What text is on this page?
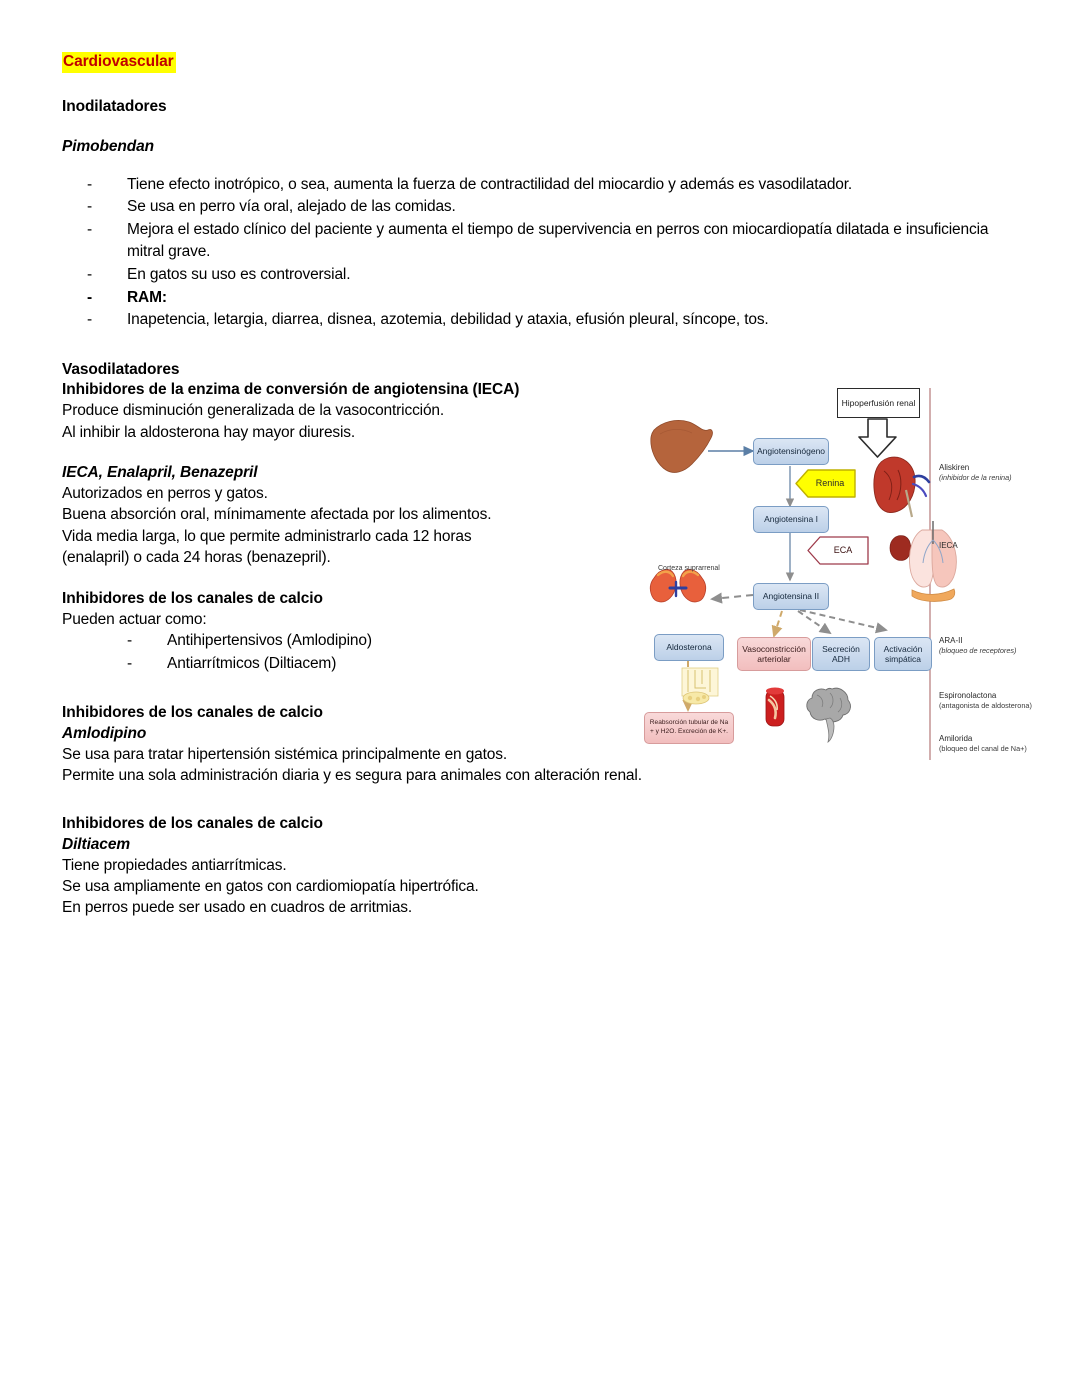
Cardiovascular
Inodilatadores
Pimobendan
- Tiene efecto inotrópico, o sea, aumenta la fuerza de contractilidad del miocardio y además es vasodilatador.
- Se usa en perro vía oral, alejado de las comidas.
- Mejora el estado clínico del paciente y aumenta el tiempo de supervivencia en perros con miocardiopatía dilatada e insuficiencia mitral grave.
- En gatos su uso es controversial.
- RAM:
- Inapetencia, letargia, diarrea, disnea, azotemia, debilidad y ataxia, efusión pleural, síncope, tos.
Vasodilatadores
Inhibidores de la enzima de conversión de angiotensina (IECA)
Produce disminución generalizada de la vasocontricción.
Al inhibir la aldosterona hay mayor diuresis.
IECA, Enalapril, Benazepril
Autorizados en perros y gatos.
Buena absorción oral, mínimamente afectada por los alimentos.
Vida media larga, lo que permite administrarlo cada 12 horas
(enalapril) o cada 24 horas (benazepril).
Inhibidores de los canales de calcio
Pueden actuar como:
- Antihipertensivos (Amlodipino)
- Antiarrítmicos (Diltiacem)
Inhibidores de los canales de calcio
Amlodipino
Se usa para tratar hipertensión sistémica principalmente en gatos.
Permite una sola administración diaria y es segura para animales con alteración renal.
Inhibidores de los canales de calcio
Diltiacem
Tiene propiedades antiarrítmicas.
Se usa ampliamente en gatos con cardiomiopatía hipertrófica.
En perros puede ser usado en cuadros de arritmias.
Hipoperfusión renal
Angiotensinógeno
Renina
Angiotensina I
ECA
Angiotensina II
Corteza suprarrenal
Aldosterona
Reabsorción tubular de Na + y H2O. Excreción de K+.
Vasoconstricción arteriolar
Secreción ADH
Activación simpática
Aliskiren
(inhibidor de la renina)
IECA
ARA-II
(bloqueo de receptores)
Espironolactona
(antagonista de aldosterona)
Amilorida
(bloqueo del canal de Na+)
